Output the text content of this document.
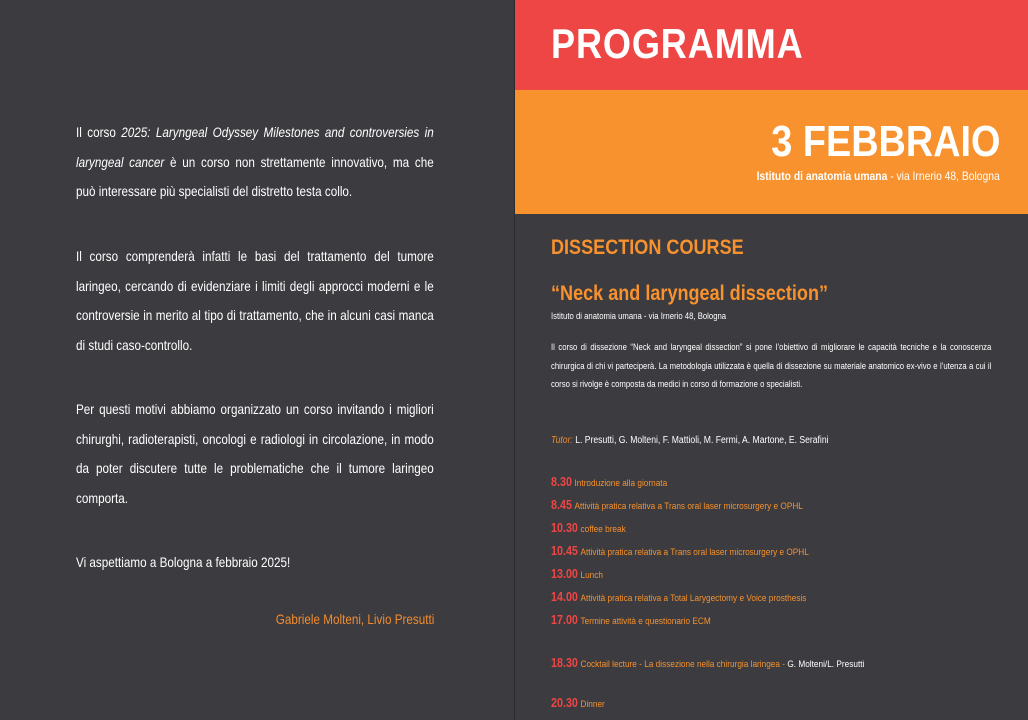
Il corso 2025: Laryngeal Odyssey Milestones and controversies in laryngeal cancer è un corso non strettamente innovativo, ma che può interessare più specialisti del distretto testa collo.
Il corso comprenderà infatti le basi del trattamento del tumore laringeo, cercando di evidenziare i limiti degli approcci moderni e le controversie in merito al tipo di trattamento, che in alcuni casi manca di studi caso-controllo.
Per questi motivi abbiamo organizzato un corso invitando i migliori chirurghi, radioterapisti, oncologi e radiologi in circolazione, in modo da poter discutere tutte le problematiche che il tumore laringeo comporta.
Vi aspettiamo a Bologna a febbraio 2025!
Gabriele Molteni, Livio Presutti
PROGRAMMA
3 FEBBRAIO
Istituto di anatomia umana - via Irnerio 48, Bologna
DISSECTION COURSE
“Neck and laryngeal dissection”
Istituto di anatomia umana - via Irnerio 48, Bologna
Il corso di dissezione “Neck and laryngeal dissection” si pone l’obiettivo di migliorare le capacità tecniche e la conoscenza chirurgica di chi vi parteciperà. La metodologia utilizzata è quella di dissezione su materiale anatomico ex-vivo e l’utenza a cui il corso si rivolge è composta da medici in corso di formazione o specialisti.
Tutor: L. Presutti, G. Molteni, F. Mattioli, M. Fermi, A. Martone, E. Serafini
8.30 Introduzione alla giornata
8.45 Attività pratica relativa a Trans oral laser microsurgery e OPHL
10.30 coffee break
10.45 Attività pratica relativa a Trans oral laser microsurgery e OPHL
13.00 Lunch
14.00 Attività pratica relativa a Total Larygectomy e Voice prosthesis
17.00 Termine attività e questionario ECM
18.30 Cocktail lecture - La dissezione nella chirurgia laringea - G. Molteni/L. Presutti
20.30 Dinner
